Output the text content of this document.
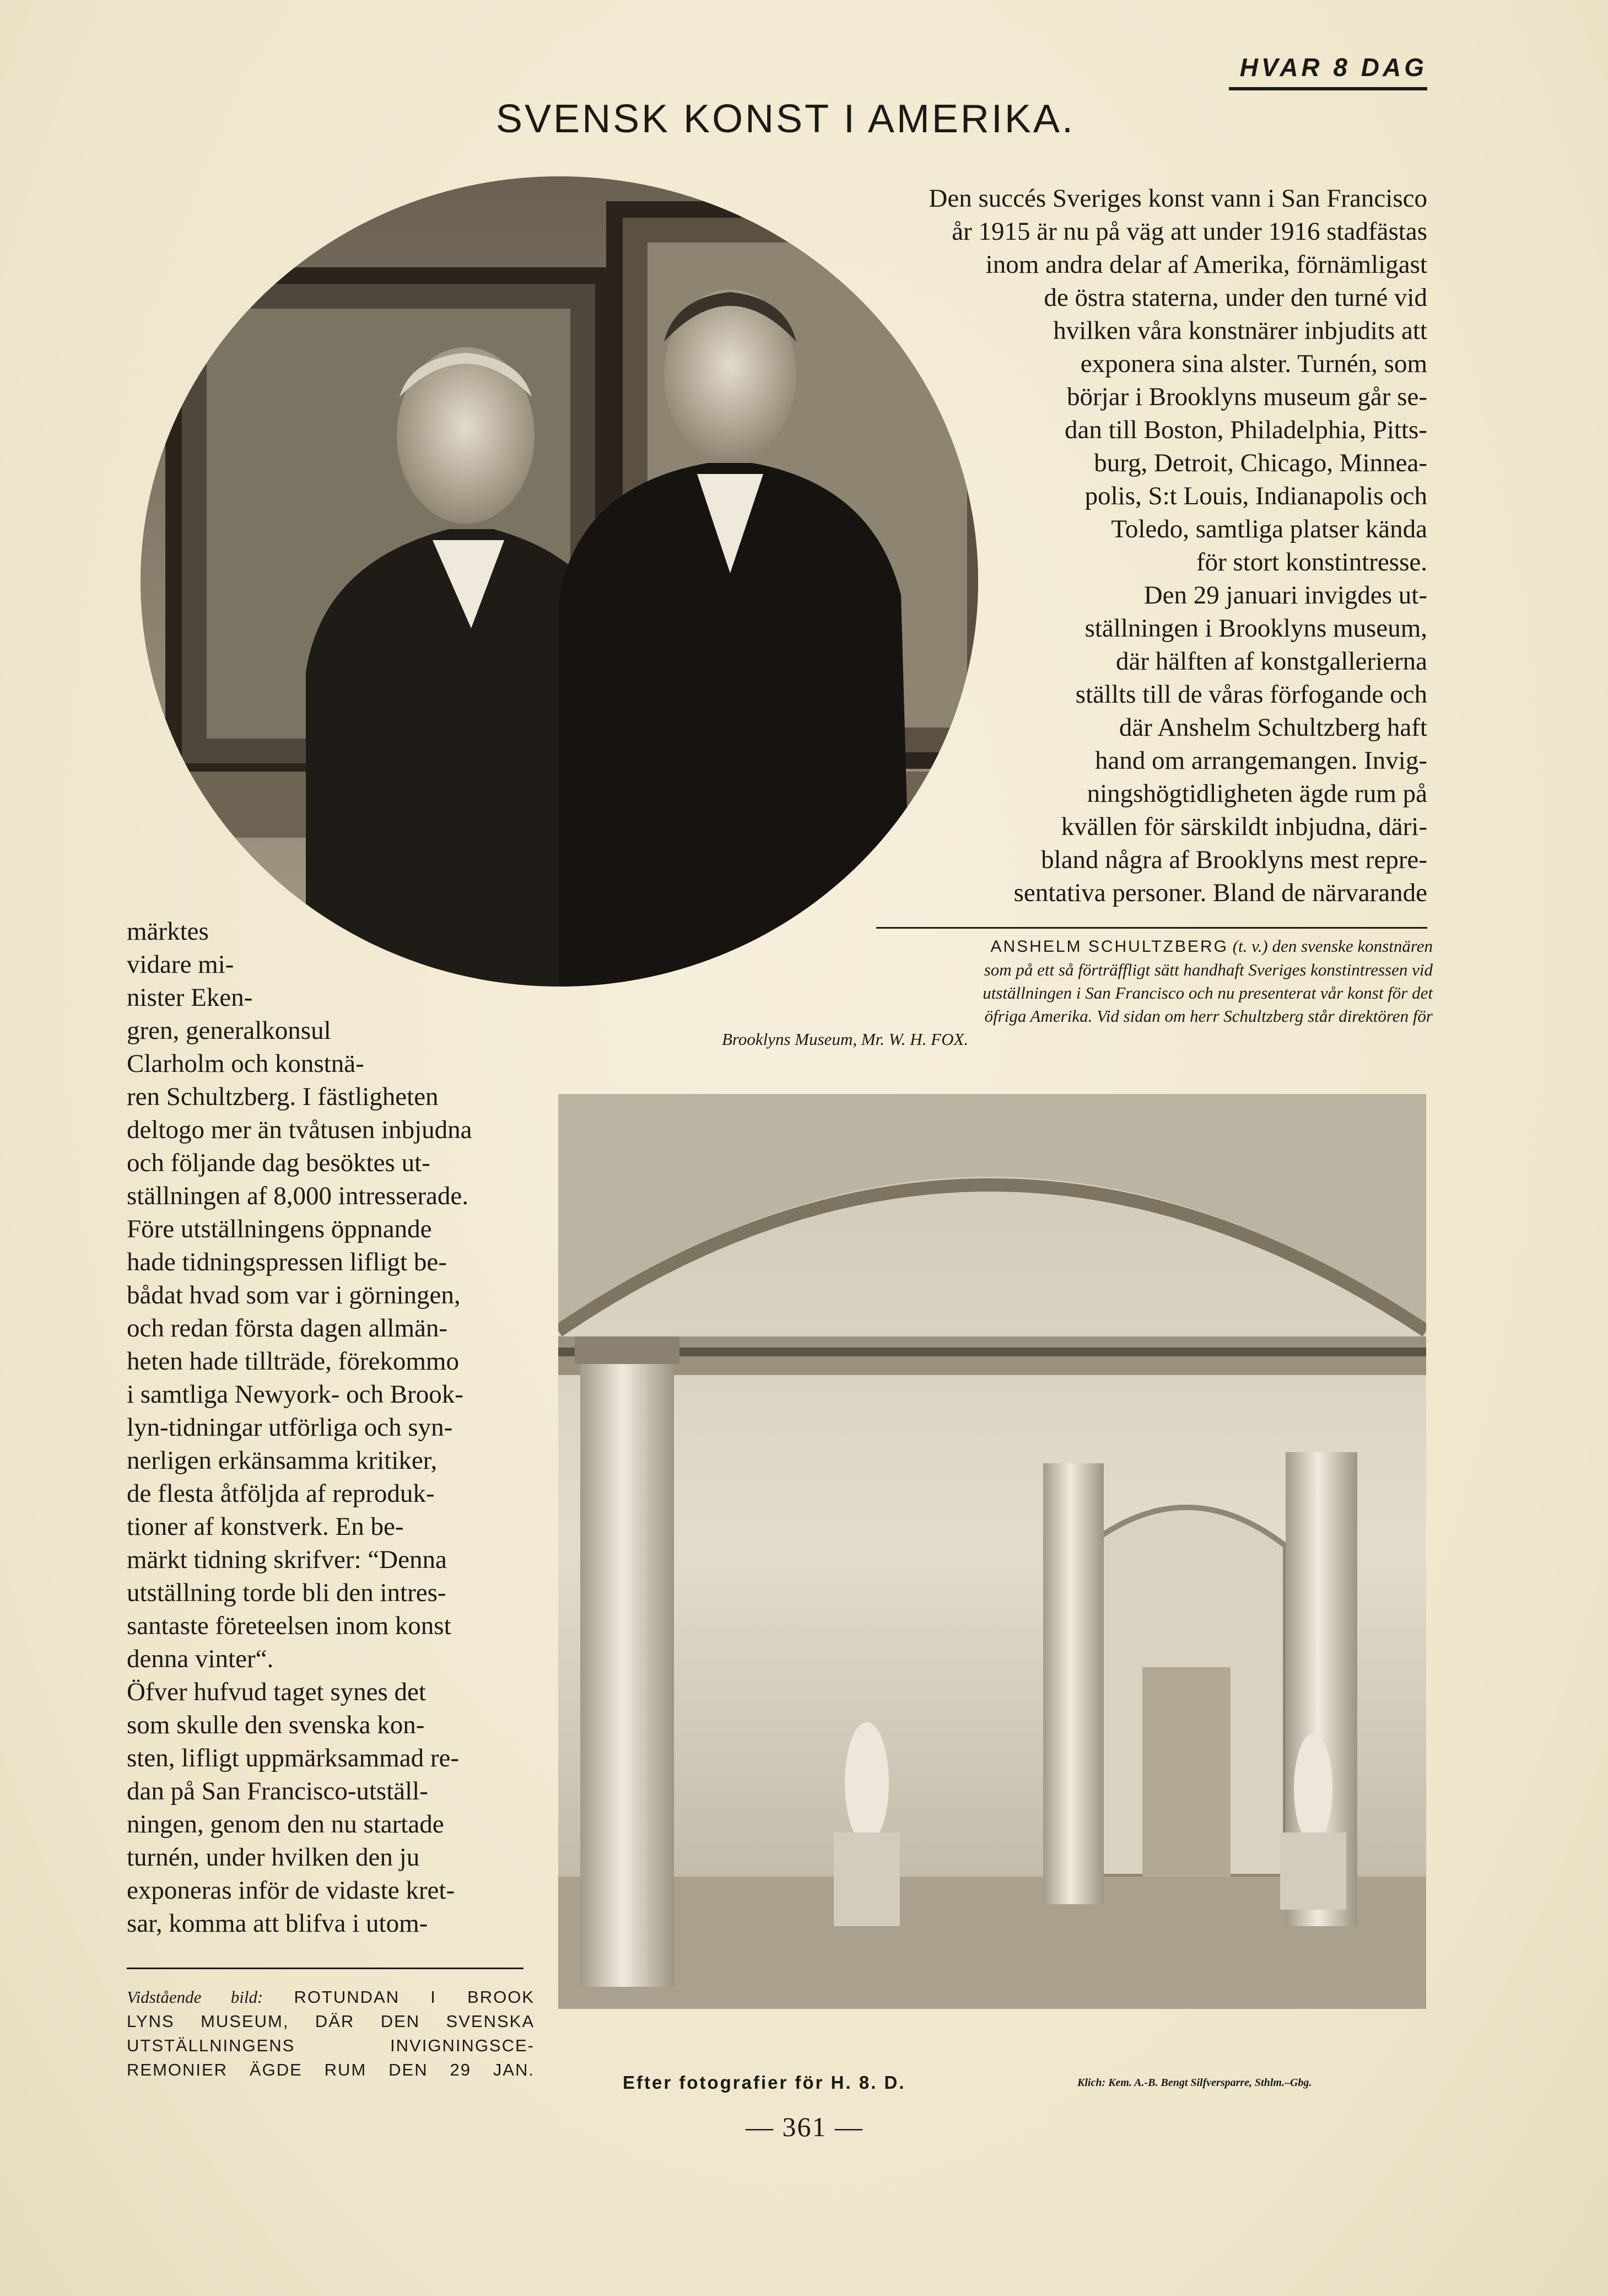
HVAR 8 DAG
SVENSK KONST I AMERIKA.
Den succés Sveriges konst vann i San Francisco
år 1915 är nu på väg att under 1916 stadfästas
inom andra delar af Amerika, förnämligast
de östra staterna, under den turné vid
hvilken våra konstnärer inbjudits att
exponera sina alster. Turnén, som
börjar i Brooklyns museum går se-
dan till Boston, Philadelphia, Pitts-
burg, Detroit, Chicago, Minnea-
polis, S:t Louis, Indianapolis och
Toledo, samtliga platser kända
för stort konstintresse.
Den 29 januari invigdes ut-
ställningen i Brooklyns museum,
där hälften af konstgallerierna
ställts till de våras förfogande och
där Anshelm Schultzberg haft
hand om arrangemangen. Invig-
ningshögtidligheten ägde rum på
kvällen för särskildt inbjudna, däri-
bland några af Brooklyns mest repre-
sentativa personer. Bland de närvarande
ANSHELM SCHULTZBERG (t. v.) den svenske konstnären
som på ett så förträffligt sätt handhaft Sveriges konstintressen vid
utställningen i San Francisco och nu presenterat vår konst för det
öfriga Amerika. Vid sidan om herr Schultzberg står direktören för
Brooklyns Museum, Mr. W. H. FOX.
märktes
vidare mi-
nister Eken-
gren, generalkonsul
Clarholm och konstnä-
ren Schultzberg. I fästligheten
deltogo mer än tvåtusen inbjudna
och följande dag besöktes ut-
ställningen af 8,000 intresserade.
Före utställningens öppnande
hade tidningspressen lifligt be-
bådat hvad som var i görningen,
och redan första dagen allmän-
heten hade tillträde, förekommo
i samtliga Newyork- och Brook-
lyn-tidningar utförliga och syn-
nerligen erkänsamma kritiker,
de flesta åtföljda af reproduk-
tioner af konstverk. En be-
märkt tidning skrifver: “Denna
utställning torde bli den intres-
santaste företeelsen inom konst
denna vinter“.
Öfver hufvud taget synes det
som skulle den svenska kon-
sten, lifligt uppmärksammad re-
dan på San Francisco-utställ-
ningen, genom den nu startade
turnén, under hvilken den ju
exponeras inför de vidaste kret-
sar, komma att blifva i utom-
Vidstående bild: ROTUNDAN I BROOK
LYNS MUSEUM, DÄR DEN SVENSKA
UTSTÄLLNINGENS INVIGNINGSCE-
REMONIER ÄGDE RUM DEN 29 JAN.
Efter fotografier för H. 8. D.	Klich: Kem. A.-B. Bengt Silfversparre, Sthlm.–Gbg.
— 361 —
